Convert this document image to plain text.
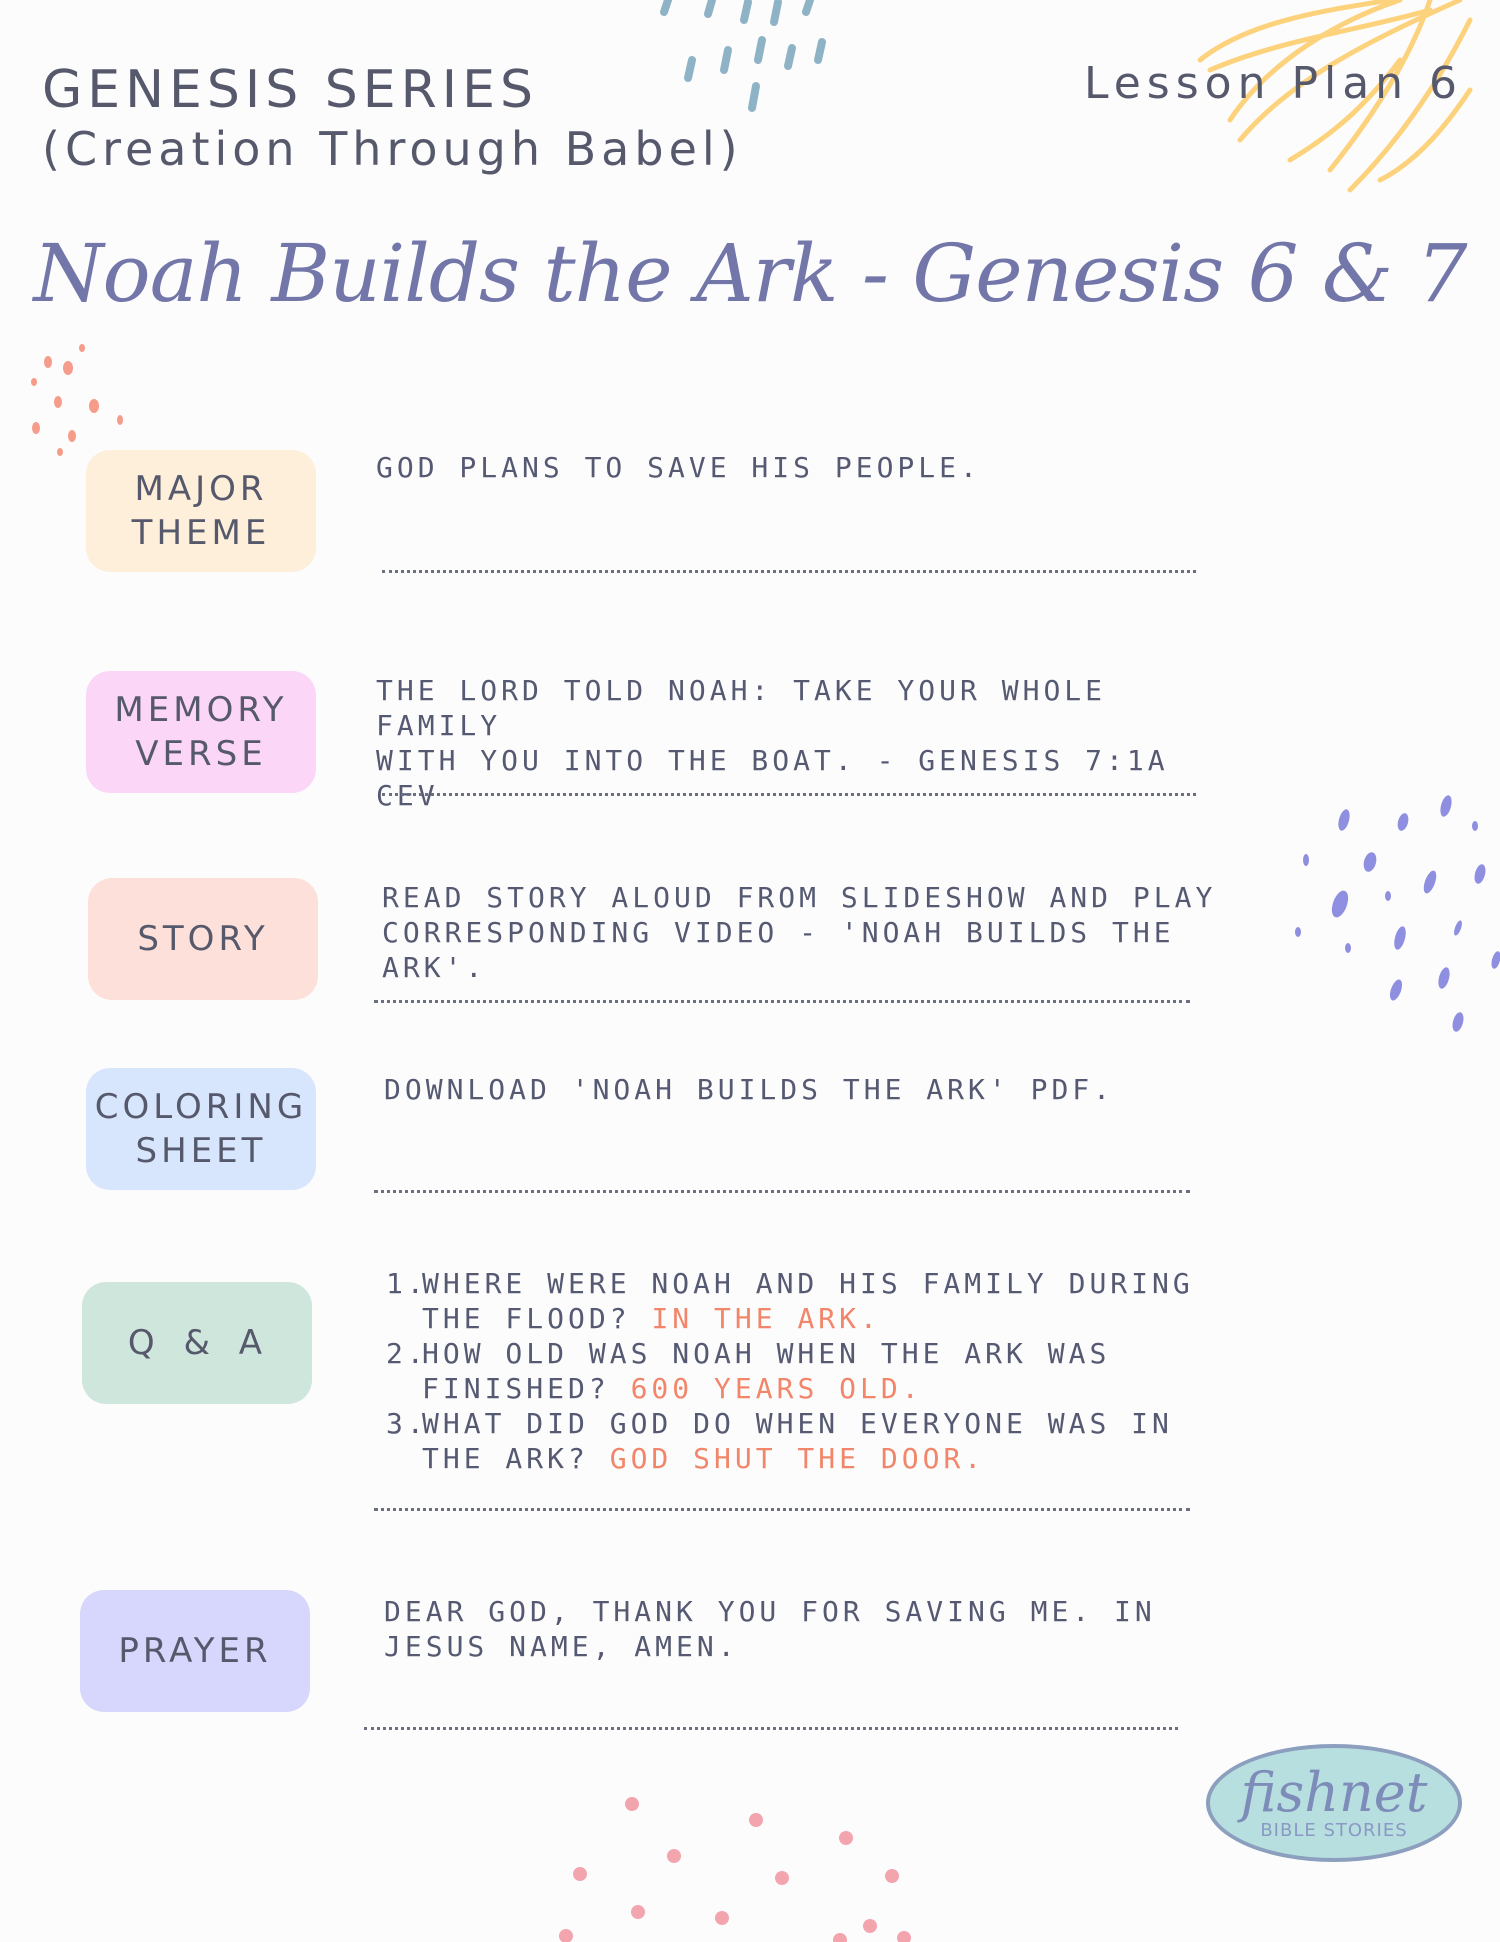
GENESIS SERIES
(Creation Through Babel)
Lesson Plan 6
Noah Builds the Ark - Genesis 6 & 7
MAJOR
THEME
GOD PLANS TO SAVE HIS PEOPLE.
MEMORY
VERSE
THE LORD TOLD NOAH: TAKE YOUR WHOLE FAMILY
WITH YOU INTO THE BOAT. - GENESIS 7:1A CEV
STORY
READ STORY ALOUD FROM SLIDESHOW AND PLAY
CORRESPONDING VIDEO - 'NOAH BUILDS THE ARK'.
COLORING
SHEET
DOWNLOAD 'NOAH BUILDS THE ARK' PDF.
Q & A
1.
WHERE WERE NOAH AND HIS FAMILY DURING
THE FLOOD? IN THE ARK.
2.
HOW OLD WAS NOAH WHEN THE ARK WAS
FINISHED? 600 YEARS OLD.
3.
WHAT DID GOD DO WHEN EVERYONE WAS IN
THE ARK? GOD SHUT THE DOOR.
PRAYER
DEAR GOD, THANK YOU FOR SAVING ME. IN
JESUS NAME, AMEN.
fishnet
BIBLE STORIES
